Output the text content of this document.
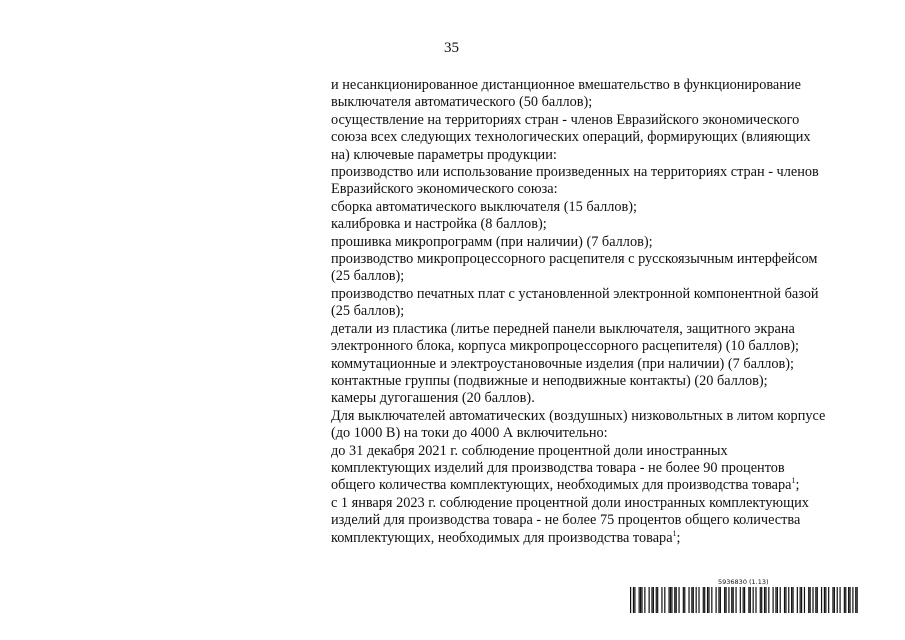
35
и несанкционированное дистанционное вмешательство в функционирование
выключателя автоматического (50 баллов);
осуществление на территориях стран - членов Евразийского экономического
союза всех следующих технологических операций, формирующих (влияющих
на) ключевые параметры продукции:
производство или использование произведенных на территориях стран - членов
Евразийского экономического союза:
сборка автоматического выключателя (15 баллов);
калибровка и настройка (8 баллов);
прошивка микропрограмм (при наличии) (7 баллов);
производство микропроцессорного расцепителя с русскоязычным интерфейсом
(25 баллов);
производство печатных плат с установленной электронной компонентной базой
(25 баллов);
детали из пластика (литье передней панели выключателя, защитного экрана
электронного блока, корпуса микропроцессорного расцепителя) (10 баллов);
коммутационные и электроустановочные изделия (при наличии) (7 баллов);
контактные группы (подвижные и неподвижные контакты) (20 баллов);
камеры дугогашения (20 баллов).
Для выключателей автоматических (воздушных) низковольтных в литом корпусе
(до 1000 В) на токи до 4000 А включительно:
до 31 декабря 2021 г. соблюдение процентной доли иностранных
комплектующих изделий для производства товара - не более 90 процентов
общего количества комплектующих, необходимых для производства товара$^1$;
с 1 января 2023 г. соблюдение процентной доли иностранных комплектующих
изделий для производства товара - не более 75 процентов общего количества
комплектующих, необходимых для производства товара$^1$;
5936830 (1.13)
